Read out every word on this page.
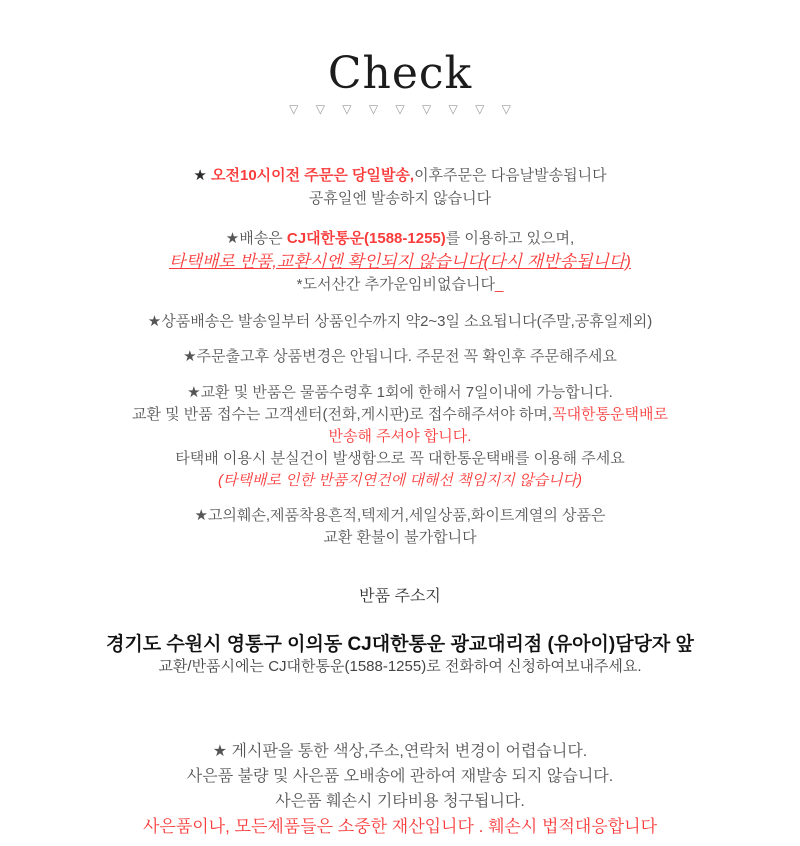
Check
▽ ▽ ▽ ▽ ▽ ▽ ▽ ▽ ▽

★ 오전10시이전 주문은 당일발송,이후주문은 다음날발송됩니다
공휴일엔 발송하지 않습니다

★배송은 CJ대한통운(1588-1255)를 이용하고 있으며,
타택배로 반품,교환시엔 확인되지 않습니다(다시 재반송됩니다)
*도서산간 추가운임비없습니다_

★상품배송은 발송일부터 상품인수까지 약2~3일 소요됩니다(주말,공휴일제외)

★주문출고후 상품변경은 안됩니다. 주문전 꼭 확인후 주문해주세요

★교환 및 반품은 물품수령후 1회에 한해서 7일이내에 가능합니다.
교환 및 반품 접수는 고객센터(전화,게시판)로 접수해주셔야 하며,꼭대한통운택배로
반송해 주셔야 합니다.
타택배 이용시 분실건이 발생함으로 꼭 대한통운택배를 이용해 주세요
(타택배로 인한 반품지연건에 대해선 책임지지 않습니다)

★고의훼손,제품착용흔적,텍제거,세일상품,화이트계열의 상품은
교환 환불이 불가합니다

반품 주소지
경기도 수원시 영통구 이의동 CJ대한통운 광교대리점 (유아이)담당자 앞
교환/반품시에는 CJ대한통운(1588-1255)로 전화하여 신청하여보내주세요.
★ 게시판을 통한 색상,주소,연락처 변경이 어렵습니다.
사은품 불량 및 사은품 오배송에 관하여 재발송 되지 않습니다.
사은품 훼손시 기타비용 청구됩니다.
사은품이나, 모든제품들은 소중한 재산입니다 . 훼손시 법적대응합니다
